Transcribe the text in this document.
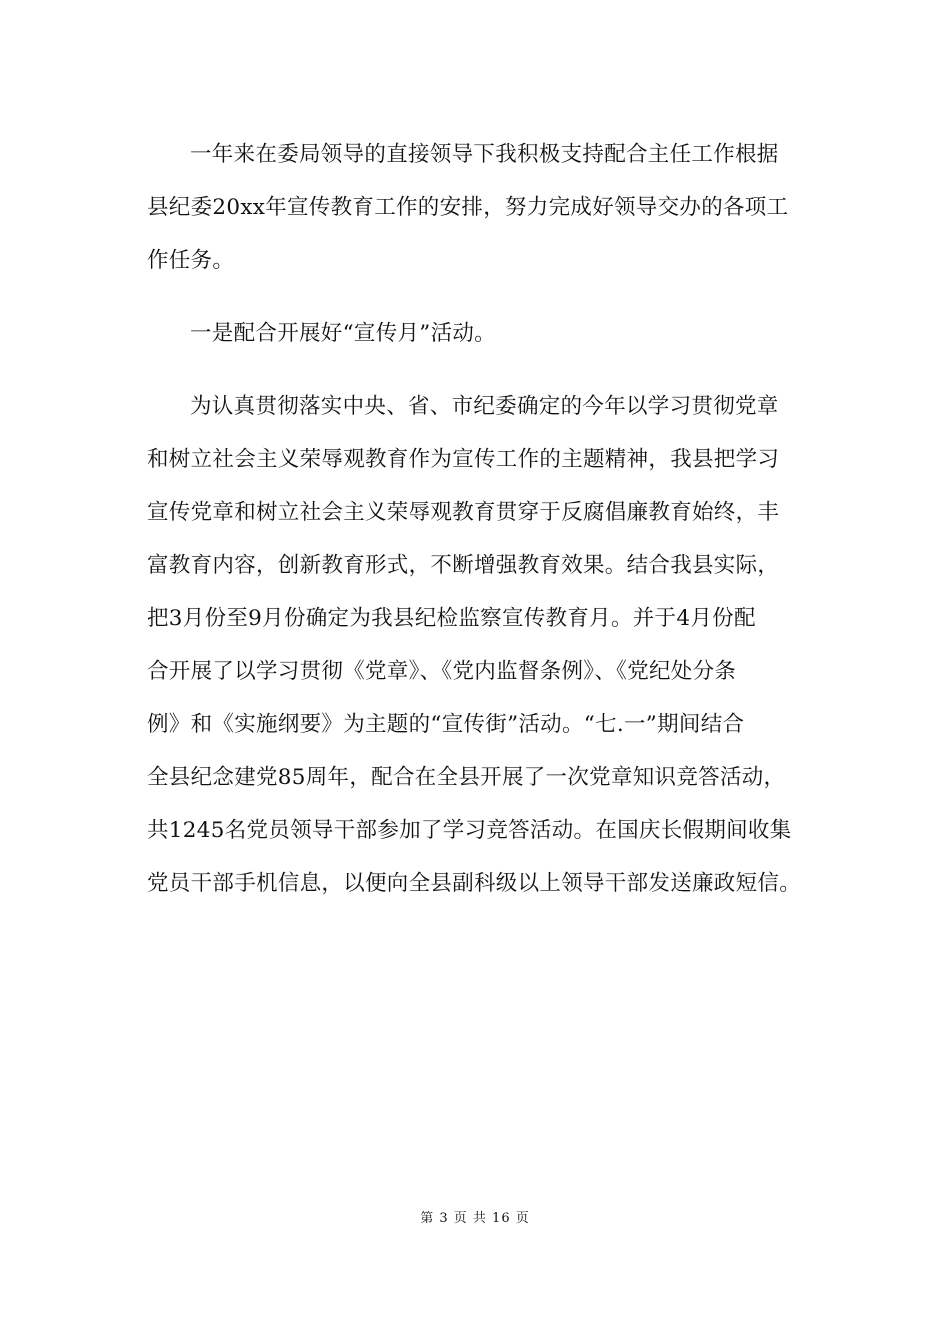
一年来在委局领导的直接领导下我积极支持配合主任工作根据
县纪委20xx年宣传教育工作的安排，努力完成好领导交办的各项工
作任务。
一是配合开展好“宣传月”活动。
为认真贯彻落实中央、省、市纪委确定的今年以学习贯彻党章
和树立社会主义荣辱观教育作为宣传工作的主题精神，我县把学习
宣传党章和树立社会主义荣辱观教育贯穿于反腐倡廉教育始终，丰
富教育内容，创新教育形式，不断增强教育效果。结合我县实际，
把3月份至9月份确定为我县纪检监察宣传教育月。并于4月份配
合开展了以学习贯彻《党章》、《党内监督条例》、《党纪处分条
例》和《实施纲要》为主题的“宣传街”活动。“七.一”期间结合
全县纪念建党85周年，配合在全县开展了一次党章知识竞答活动，
共1245名党员领导干部参加了学习竞答活动。在国庆长假期间收集
党员干部手机信息，以便向全县副科级以上领导干部发送廉政短信。
第 3 页 共 16 页
